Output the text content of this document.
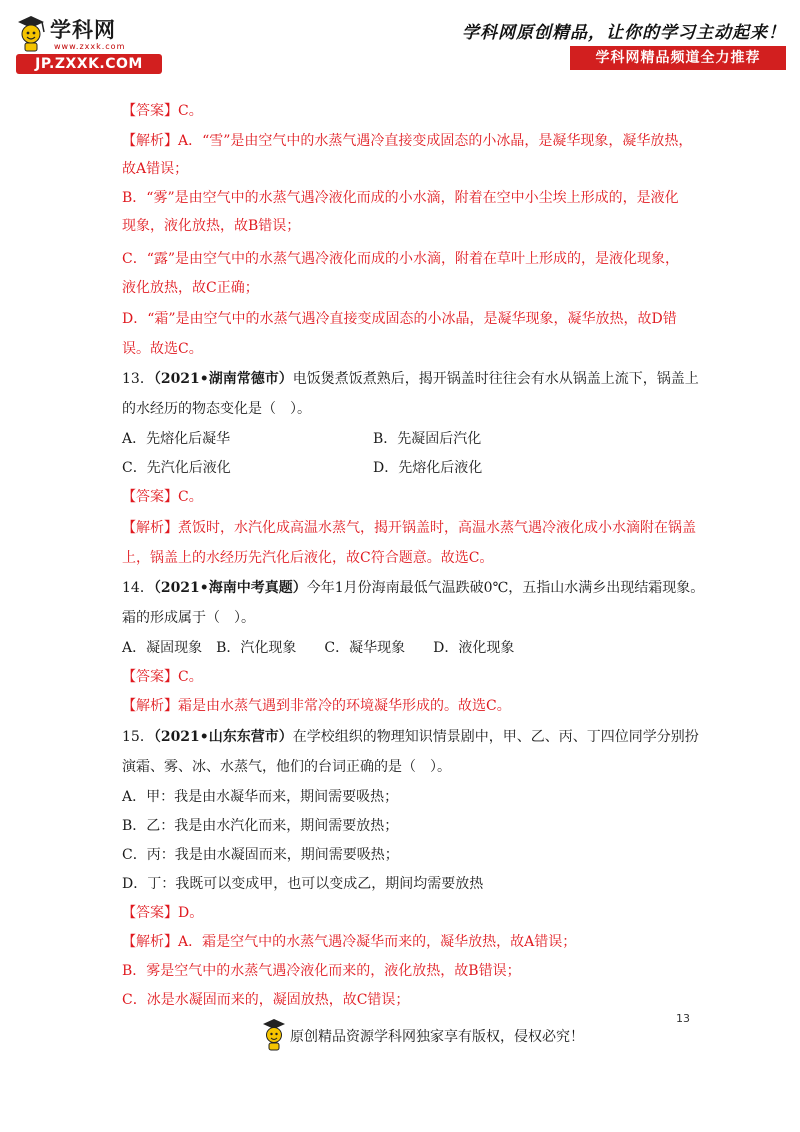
学科网
www.zxxk.com
JP.ZXXK.COM
学科网原创精品，让你的学习主动起来！
学科网精品频道全力推荐
【答案】C。
【解析】A．“雪”是由空气中的水蒸气遇冷直接变成固态的小冰晶，是凝华现象，凝华放热，
故A错误；
B．“雾”是由空气中的水蒸气遇冷液化而成的小水滴，附着在空中小尘埃上形成的，是液化
现象，液化放热，故B错误；
C．“露”是由空气中的水蒸气遇冷液化而成的小水滴，附着在草叶上形成的，是液化现象，
液化放热，故C正确；
D．“霜”是由空气中的水蒸气遇冷直接变成固态的小冰晶，是凝华现象，凝华放热，故D错
误。故选C。
13．（2021•湖南常德市）电饭煲煮饭煮熟后，揭开锅盖时往往会有水从锅盖上流下，锅盖上
的水经历的物态变化是（　）。
A．先熔化后凝华	B．先凝固后汽化
C．先汽化后液化	D．先熔化后液化
【答案】C。
【解析】煮饭时，水汽化成高温水蒸气，揭开锅盖时，高温水蒸气遇冷液化成小水滴附在锅盖
上，锅盖上的水经历先汽化后液化，故C符合题意。故选C。
14．（2021•海南中考真题）今年1月份海南最低气温跌破0℃，五指山水满乡出现结霜现象。
霜的形成属于（　）。
A．凝固现象　B．汽化现象　　C．凝华现象　　D．液化现象
【答案】C。
【解析】霜是由水蒸气遇到非常冷的环境凝华形成的。故选C。
15．（2021•山东东营市）在学校组织的物理知识情景剧中，甲、乙、丙、丁四位同学分别扮
演霜、雾、冰、水蒸气，他们的台词正确的是（　）。
A．甲：我是由水凝华而来，期间需要吸热；
B．乙：我是由水汽化而来，期间需要放热；
C．丙：我是由水凝固而来，期间需要吸热；
D．丁：我既可以变成甲，也可以变成乙，期间均需要放热
【答案】D。
【解析】A．霜是空气中的水蒸气遇冷凝华而来的，凝华放热，故A错误；
B．雾是空气中的水蒸气遇冷液化而来的，液化放热，故B错误；
C．冰是水凝固而来的，凝固放热，故C错误；
13
原创精品资源学科网独家享有版权，侵权必究！
